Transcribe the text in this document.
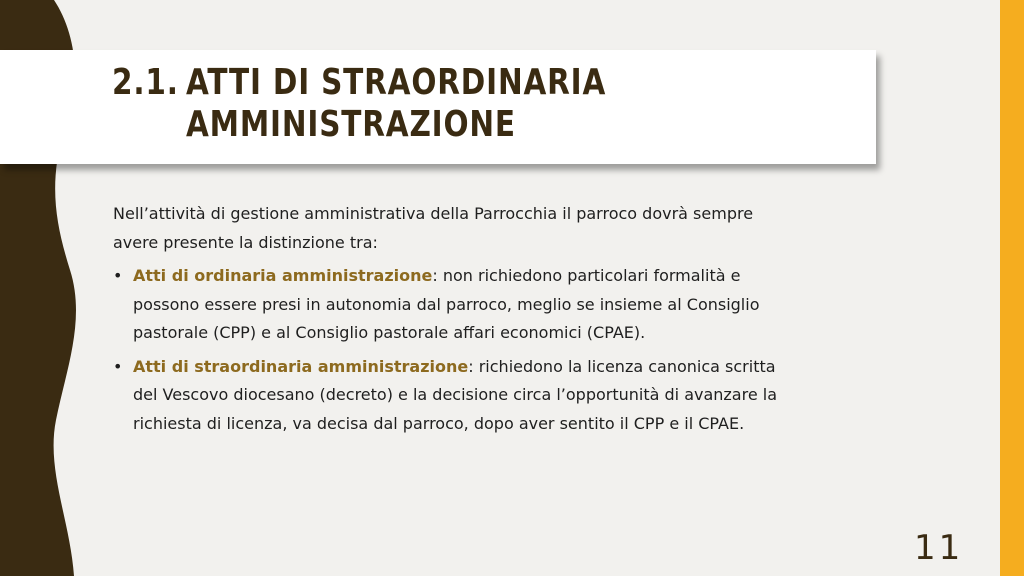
2.1. ATTI DI STRAORDINARIA
AMMINISTRAZIONE

Nell’attività di gestione amministrativa della Parrocchia il parroco dovrà sempre avere presente la distinzione tra:

• Atti di ordinaria amministrazione: non richiedono particolari formalità e possono essere presi in autonomia dal parroco, meglio se insieme al Consiglio pastorale (CPP) e al Consiglio pastorale affari economici (CPAE).
• Atti di straordinaria amministrazione: richiedono la licenza canonica scritta del Vescovo diocesano (decreto) e la decisione circa l’opportunità di avanzare la richiesta di licenza, va decisa dal parroco, dopo aver sentito il CPP e il CPAE.
11
